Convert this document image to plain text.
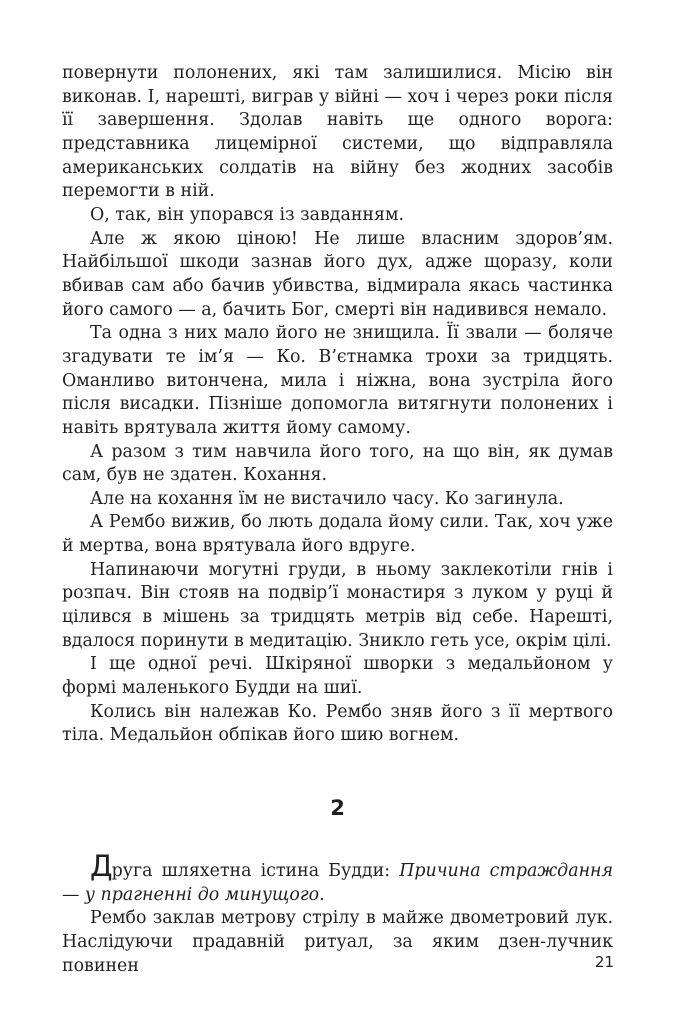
повернути полонених, які там залишилися. Місію він виконав. І, нарешті, виграв у війні — хоч і через роки після її завершення. Здолав навіть ще одного ворога: представника лицемірної системи, що відправляла американських солдатів на війну без жодних засобів перемогти в ній.

О, так, він упорався із завданням.

Але ж якою ціною! Не лише власним здоров’ям. Найбільшої шкоди зазнав його дух, адже щоразу, коли вбивав сам або бачив убивства, відмирала якась частинка його самого — а, бачить Бог, смерті він надивився немало.

Та одна з них мало його не знищила. Її звали — боляче згадувати те ім’я — Ко. В’єтнамка трохи за тридцять. Оманливо витончена, мила і ніжна, вона зустріла його після висадки. Пізніше допомогла витягнути полонених і навіть врятувала життя йому самому.

А разом з тим навчила його того, на що він, як думав сам, був не здатен. Кохання.

Але на кохання їм не вистачило часу. Ко загинула.

А Рембо вижив, бо лють додала йому сили. Так, хоч уже й мертва, вона врятувала його вдруге.

Напинаючи могутні груди, в ньому заклекотіли гнів і розпач. Він стояв на подвір’ї монастиря з луком у руці й цілився в мішень за тридцять метрів від себе. Нарешті, вдалося поринути в медитацію. Зникло геть усе, окрім цілі.

І ще одної речі. Шкіряної шворки з медальйоном у формі маленького Будди на шиї.

Колись він належав Ко. Рембо зняв його з її мертвого тіла. Медальйон обпікав його шию вогнем.

2

Друга шляхетна істина Будди: Причина страждання — у прагненні до минущого.

Рембо заклав метрову стрілу в майже двометровий лук. Наслідуючи прадавній ритуал, за яким дзен-лучник повинен	21
